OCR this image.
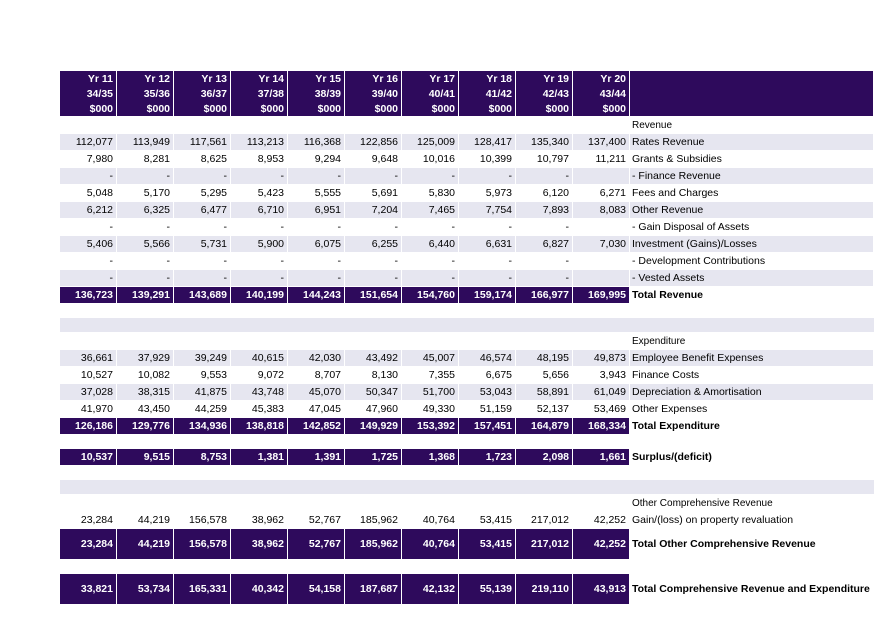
Yr 11	Yr 12	Yr 13	Yr 14	Yr 15	Yr 16	Yr 17	Yr 18	Yr 19	Yr 20	
34/35	35/36	36/37	37/38	38/39	39/40	40/41	41/42	42/43	43/44	
$000	$000	$000	$000	$000	$000	$000	$000	$000	$000	
										Revenue
112,077	113,949	117,561	113,213	116,368	122,856	125,009	128,417	135,340	137,400	Rates Revenue
7,980	8,281	8,625	8,953	9,294	9,648	10,016	10,399	10,797	11,211	Grants & Subsidies
-	-	-	-	-	-	-	-	-		- Finance Revenue
5,048	5,170	5,295	5,423	5,555	5,691	5,830	5,973	6,120	6,271	Fees and Charges
6,212	6,325	6,477	6,710	6,951	7,204	7,465	7,754	7,893	8,083	Other Revenue
-	-	-	-	-	-	-	-	-		- Gain Disposal of Assets
5,406	5,566	5,731	5,900	6,075	6,255	6,440	6,631	6,827	7,030	Investment (Gains)/Losses
-	-	-	-	-	-	-	-	-		- Development Contributions
-	-	-	-	-	-	-	-	-		- Vested Assets
136,723	139,291	143,689	140,199	144,243	151,654	154,760	159,174	166,977	169,995	Total Revenue

										Expenditure
36,661	37,929	39,249	40,615	42,030	43,492	45,007	46,574	48,195	49,873	Employee Benefit Expenses
10,527	10,082	9,553	9,072	8,707	8,130	7,355	6,675	5,656	3,943	Finance Costs
37,028	38,315	41,875	43,748	45,070	50,347	51,700	53,043	58,891	61,049	Depreciation & Amortisation
41,970	43,450	44,259	45,383	47,045	47,960	49,330	51,159	52,137	53,469	Other Expenses
126,186	129,776	134,936	138,818	142,852	149,929	153,392	157,451	164,879	168,334	Total Expenditure

10,537	9,515	8,753	1,381	1,391	1,725	1,368	1,723	2,098	1,661	Surplus/(deficit)

										Other Comprehensive Revenue
23,284	44,219	156,578	38,962	52,767	185,962	40,764	53,415	217,012	42,252	Gain/(loss) on property revaluation
23,284	44,219	156,578	38,962	52,767	185,962	40,764	53,415	217,012	42,252	Total Other Comprehensive Revenue

33,821	53,734	165,331	40,342	54,158	187,687	42,132	55,139	219,110	43,913	Total Comprehensive Revenue and Expenditure
